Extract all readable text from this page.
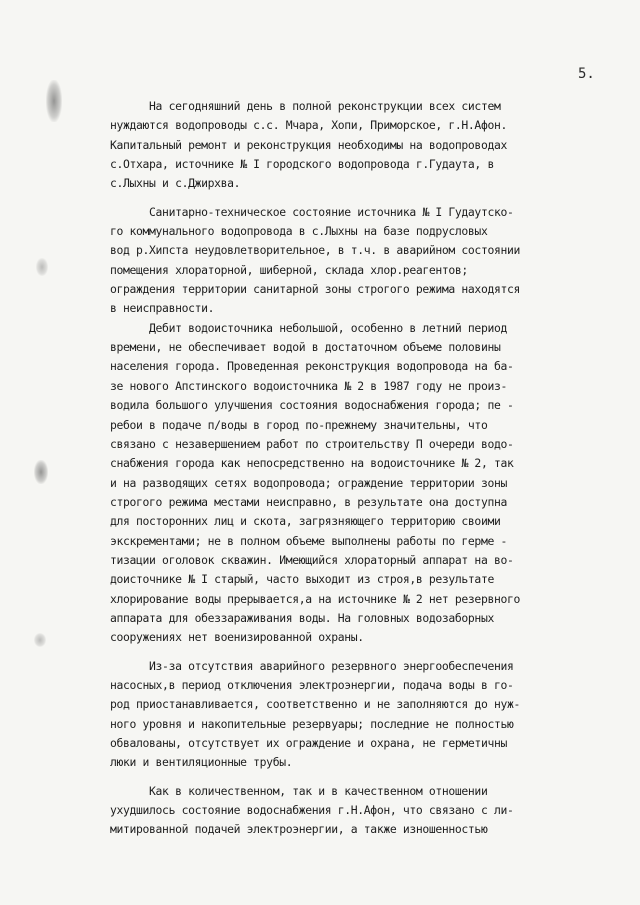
5.
На сегодняшний день в полной реконструкции всех систем
нуждаются водопроводы с.с. Мчара, Хопи, Приморское, г.Н.Афон.
Капитальный ремонт и реконструкция необходимы на водопроводах
с.Отхара, источнике № I городского водопровода г.Гудаута, в
с.Лыхны и с.Джирхва.
Санитарно-техническое состояние источника № I Гудаутско-
го коммунального водопровода в с.Лыхны на базе подрусловых
вод р.Хипста неудовлетворительное, в т.ч. в аварийном состоянии
помещения хлораторной, шиберной, склада хлор.реагентов;
ограждения территории санитарной зоны строгого режима находятся
в неисправности.
Дебит водоисточника небольшой, особенно в летний период
времени, не обеспечивает водой в достаточном объеме половины
населения города. Проведенная реконструкция водопровода на ба-
зе нового Апстинского водоисточника № 2 в 1987 году не произ-
водила большого улучшения состояния водоснабжения города; пе -
ребои в подаче п/воды в город по-прежнему значительны, что
связано с незавершением работ по строительству П очереди водо-
снабжения города как непосредственно на водоисточнике № 2, так
и на разводящих сетях водопровода; ограждение территории зоны
строгого режима местами неисправно, в результате она доступна
для посторонних лиц и скота, загрязняющего территорию своими
экскрементами; не в полном объеме выполнены работы по герме -
тизации оголовок скважин. Имеющийся хлораторный аппарат на во-
доисточнике № I старый, часто выходит из строя,в результате
хлорирование воды прерывается,а на источнике № 2 нет резервного
аппарата для обеззараживания воды. На головных водозаборных
сооружениях нет военизированной охраны.
Из-за отсутствия аварийного резервного энергообеспечения
насосных,в период отключения электроэнергии, подача воды в го-
род приостанавливается, соответственно и не заполняются до нуж-
ного уровня и накопительные резервуары; последние не полностью
обвалованы, отсутствует их ограждение и охрана, не герметичны
люки и вентиляционные трубы.
Как в количественном, так и в качественном отношении
ухудшилось состояние водоснабжения г.Н.Афон, что связано с ли-
митированной подачей электроэнергии, а также изношенностью
